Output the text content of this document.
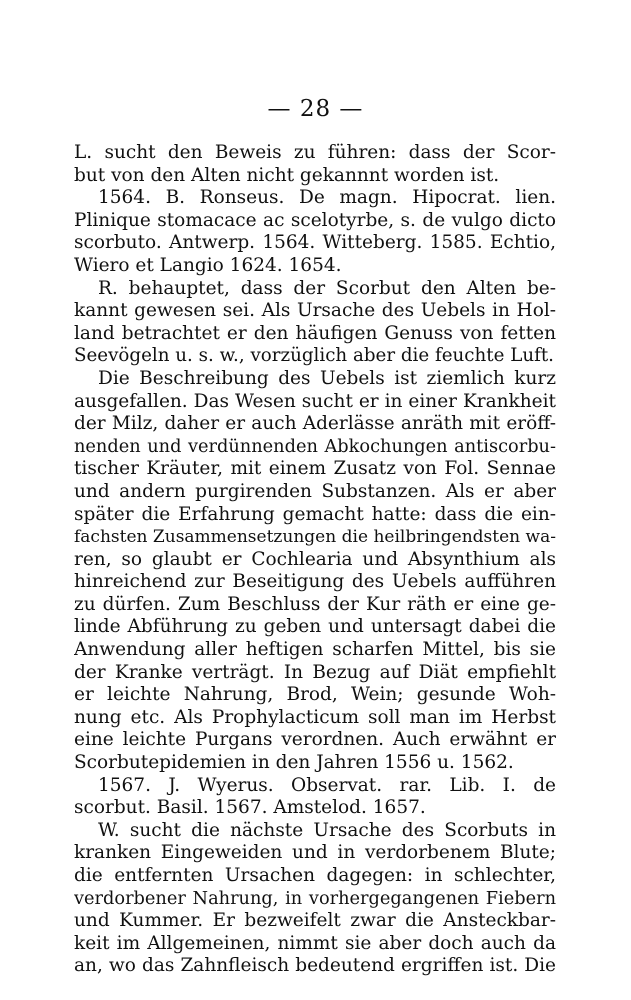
— 28 —
L. sucht den Beweis zu führen: dass der Scor-
but von den Alten nicht gekannnt worden ist.
1564. B. Ronseus. De magn. Hipocrat. lien.
Plinique stomacace ac scelotyrbe, s. de vulgo dicto
scorbuto. Antwerp. 1564. Witteberg. 1585. Echtio,
Wiero et Langio 1624. 1654.
R. behauptet, dass der Scorbut den Alten be-
kannt gewesen sei. Als Ursache des Uebels in Hol-
land betrachtet er den häufigen Genuss von fetten
Seevögeln u. s. w., vorzüglich aber die feuchte Luft.
Die Beschreibung des Uebels ist ziemlich kurz
ausgefallen. Das Wesen sucht er in einer Krankheit
der Milz, daher er auch Aderlässe anräth mit eröff-
nenden und verdünnenden Abkochungen antiscorbu-
tischer Kräuter, mit einem Zusatz von Fol. Sennae
und andern purgirenden Substanzen. Als er aber
später die Erfahrung gemacht hatte: dass die ein-
fachsten Zusammensetzungen die heilbringendsten wa-
ren, so glaubt er Cochlearia und Absynthium als
hinreichend zur Beseitigung des Uebels aufführen
zu dürfen. Zum Beschluss der Kur räth er eine ge-
linde Abführung zu geben und untersagt dabei die
Anwendung aller heftigen scharfen Mittel, bis sie
der Kranke verträgt. In Bezug auf Diät empfiehlt
er leichte Nahrung, Brod, Wein; gesunde Woh-
nung etc. Als Prophylacticum soll man im Herbst
eine leichte Purgans verordnen. Auch erwähnt er
Scorbutepidemien in den Jahren 1556 u. 1562.
1567. J. Wyerus. Observat. rar. Lib. I. de
scorbut. Basil. 1567. Amstelod. 1657.
W. sucht die nächste Ursache des Scorbuts in
kranken Eingeweiden und in verdorbenem Blute;
die entfernten Ursachen dagegen: in schlechter,
verdorbener Nahrung, in vorhergegangenen Fiebern
und Kummer. Er bezweifelt zwar die Ansteckbar-
keit im Allgemeinen, nimmt sie aber doch auch da
an, wo das Zahnfleisch bedeutend ergriffen ist. Die
